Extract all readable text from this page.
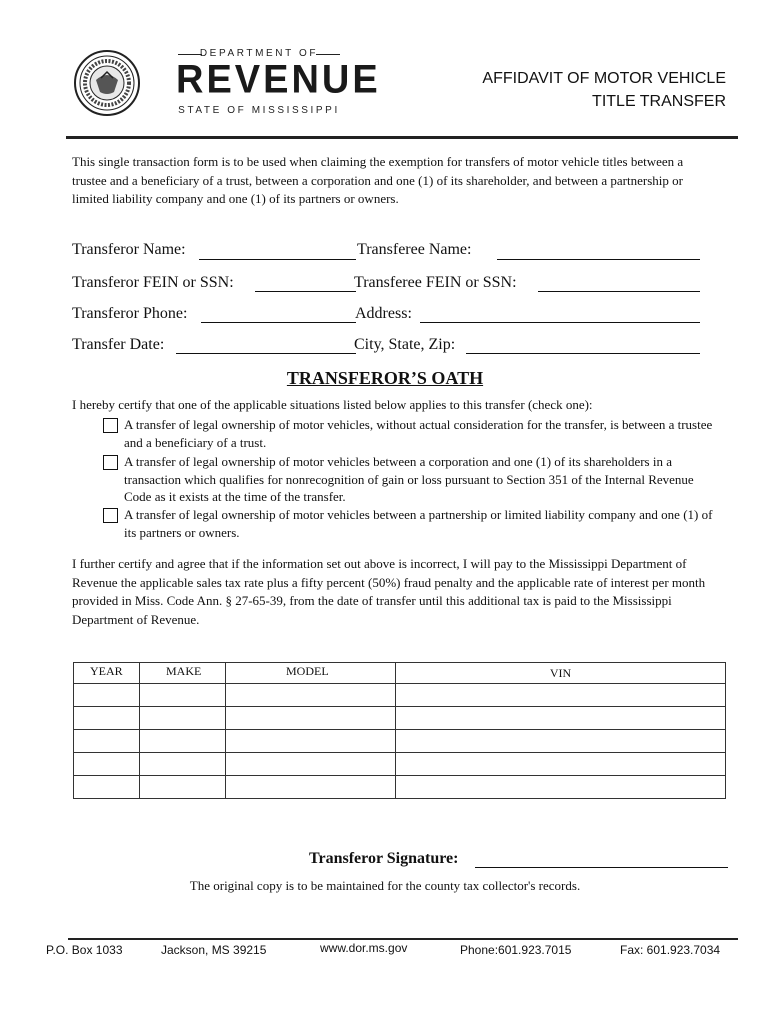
DEPARTMENT OF
REVENUE
STATE OF MISSISSIPPI
AFFIDAVIT OF MOTOR VEHICLE
TITLE TRANSFER
This single transaction form is to be used when claiming the exemption for transfers of motor vehicle titles between a trustee and a beneficiary of a trust, between a corporation and one (1) of its shareholder, and between a partnership or limited liability company and one (1) of its partners or owners.
Transferor Name:	Transferee Name:
Transferor FEIN or SSN:	Transferee FEIN or SSN:
Transferor Phone:	Address:
Transfer Date:	City, State, Zip:
TRANSFEROR’S OATH
I hereby certify that one of the applicable situations listed below applies to this transfer (check one):
A transfer of legal ownership of motor vehicles, without actual consideration for the transfer, is between a trustee and a beneficiary of a trust.
A transfer of legal ownership of motor vehicles between a corporation and one (1) of its shareholders in a transaction which qualifies for nonrecognition of gain or loss pursuant to Section 351 of the Internal Revenue Code as it exists at the time of the transfer.
A transfer of legal ownership of motor vehicles between a partnership or limited liability company and one (1) of its partners or owners.
I further certify and agree that if the information set out above is incorrect, I will pay to the Mississippi Department of Revenue the applicable sales tax rate plus a fifty percent (50%) fraud penalty and the applicable rate of interest per month provided in Miss. Code Ann. § 27-65-39, from the date of transfer until this additional tax is paid to the Mississippi Department of Revenue.
YEAR	MAKE	MODEL	VIN

Transferor Signature:
The original copy is to be maintained for the county tax collector's records.
P.O. Box 1033	Jackson, MS 39215	www.dor.ms.gov	Phone:601.923.7015	Fax: 601.923.7034
